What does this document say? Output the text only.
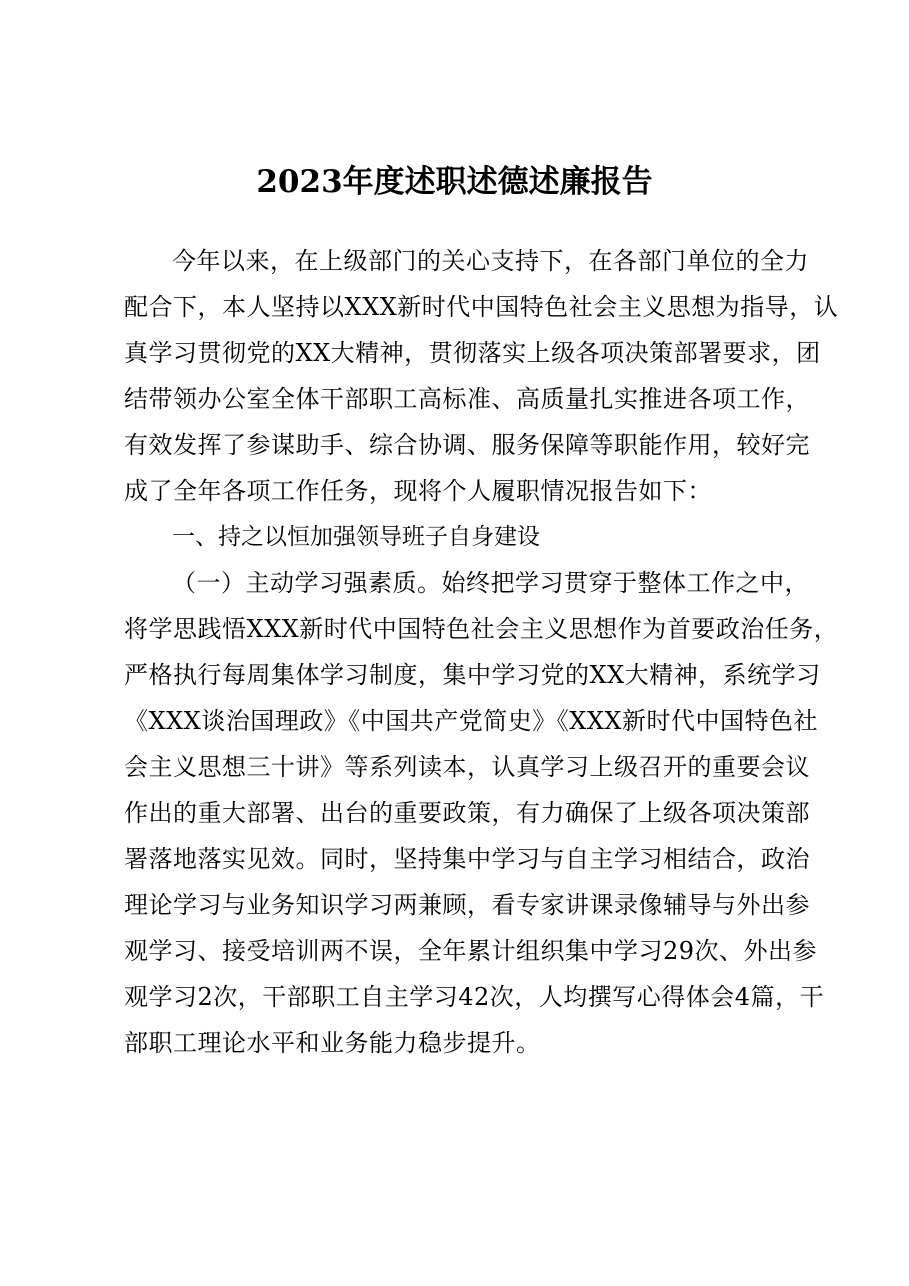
2023年度述职述德述廉报告
今年以来，在上级部门的关心支持下，在各部门单位的全力
配合下，本人坚持以XXX新时代中国特色社会主义思想为指导，认
真学习贯彻党的XX大精神，贯彻落实上级各项决策部署要求，团
结带领办公室全体干部职工高标准、高质量扎实推进各项工作，
有效发挥了参谋助手、综合协调、服务保障等职能作用，较好完
成了全年各项工作任务，现将个人履职情况报告如下：
一、持之以恒加强领导班子自身建设
（一）主动学习强素质。始终把学习贯穿于整体工作之中，
将学思践悟XXX新时代中国特色社会主义思想作为首要政治任务，
严格执行每周集体学习制度，集中学习党的XX大精神，系统学习
《XXX谈治国理政》《中国共产党简史》《XXX新时代中国特色社
会主义思想三十讲》等系列读本，认真学习上级召开的重要会议
作出的重大部署、出台的重要政策，有力确保了上级各项决策部
署落地落实见效。同时，坚持集中学习与自主学习相结合，政治
理论学习与业务知识学习两兼顾，看专家讲课录像辅导与外出参
观学习、接受培训两不误，全年累计组织集中学习29次、外出参
观学习2次，干部职工自主学习42次，人均撰写心得体会4篇，干
部职工理论水平和业务能力稳步提升。
